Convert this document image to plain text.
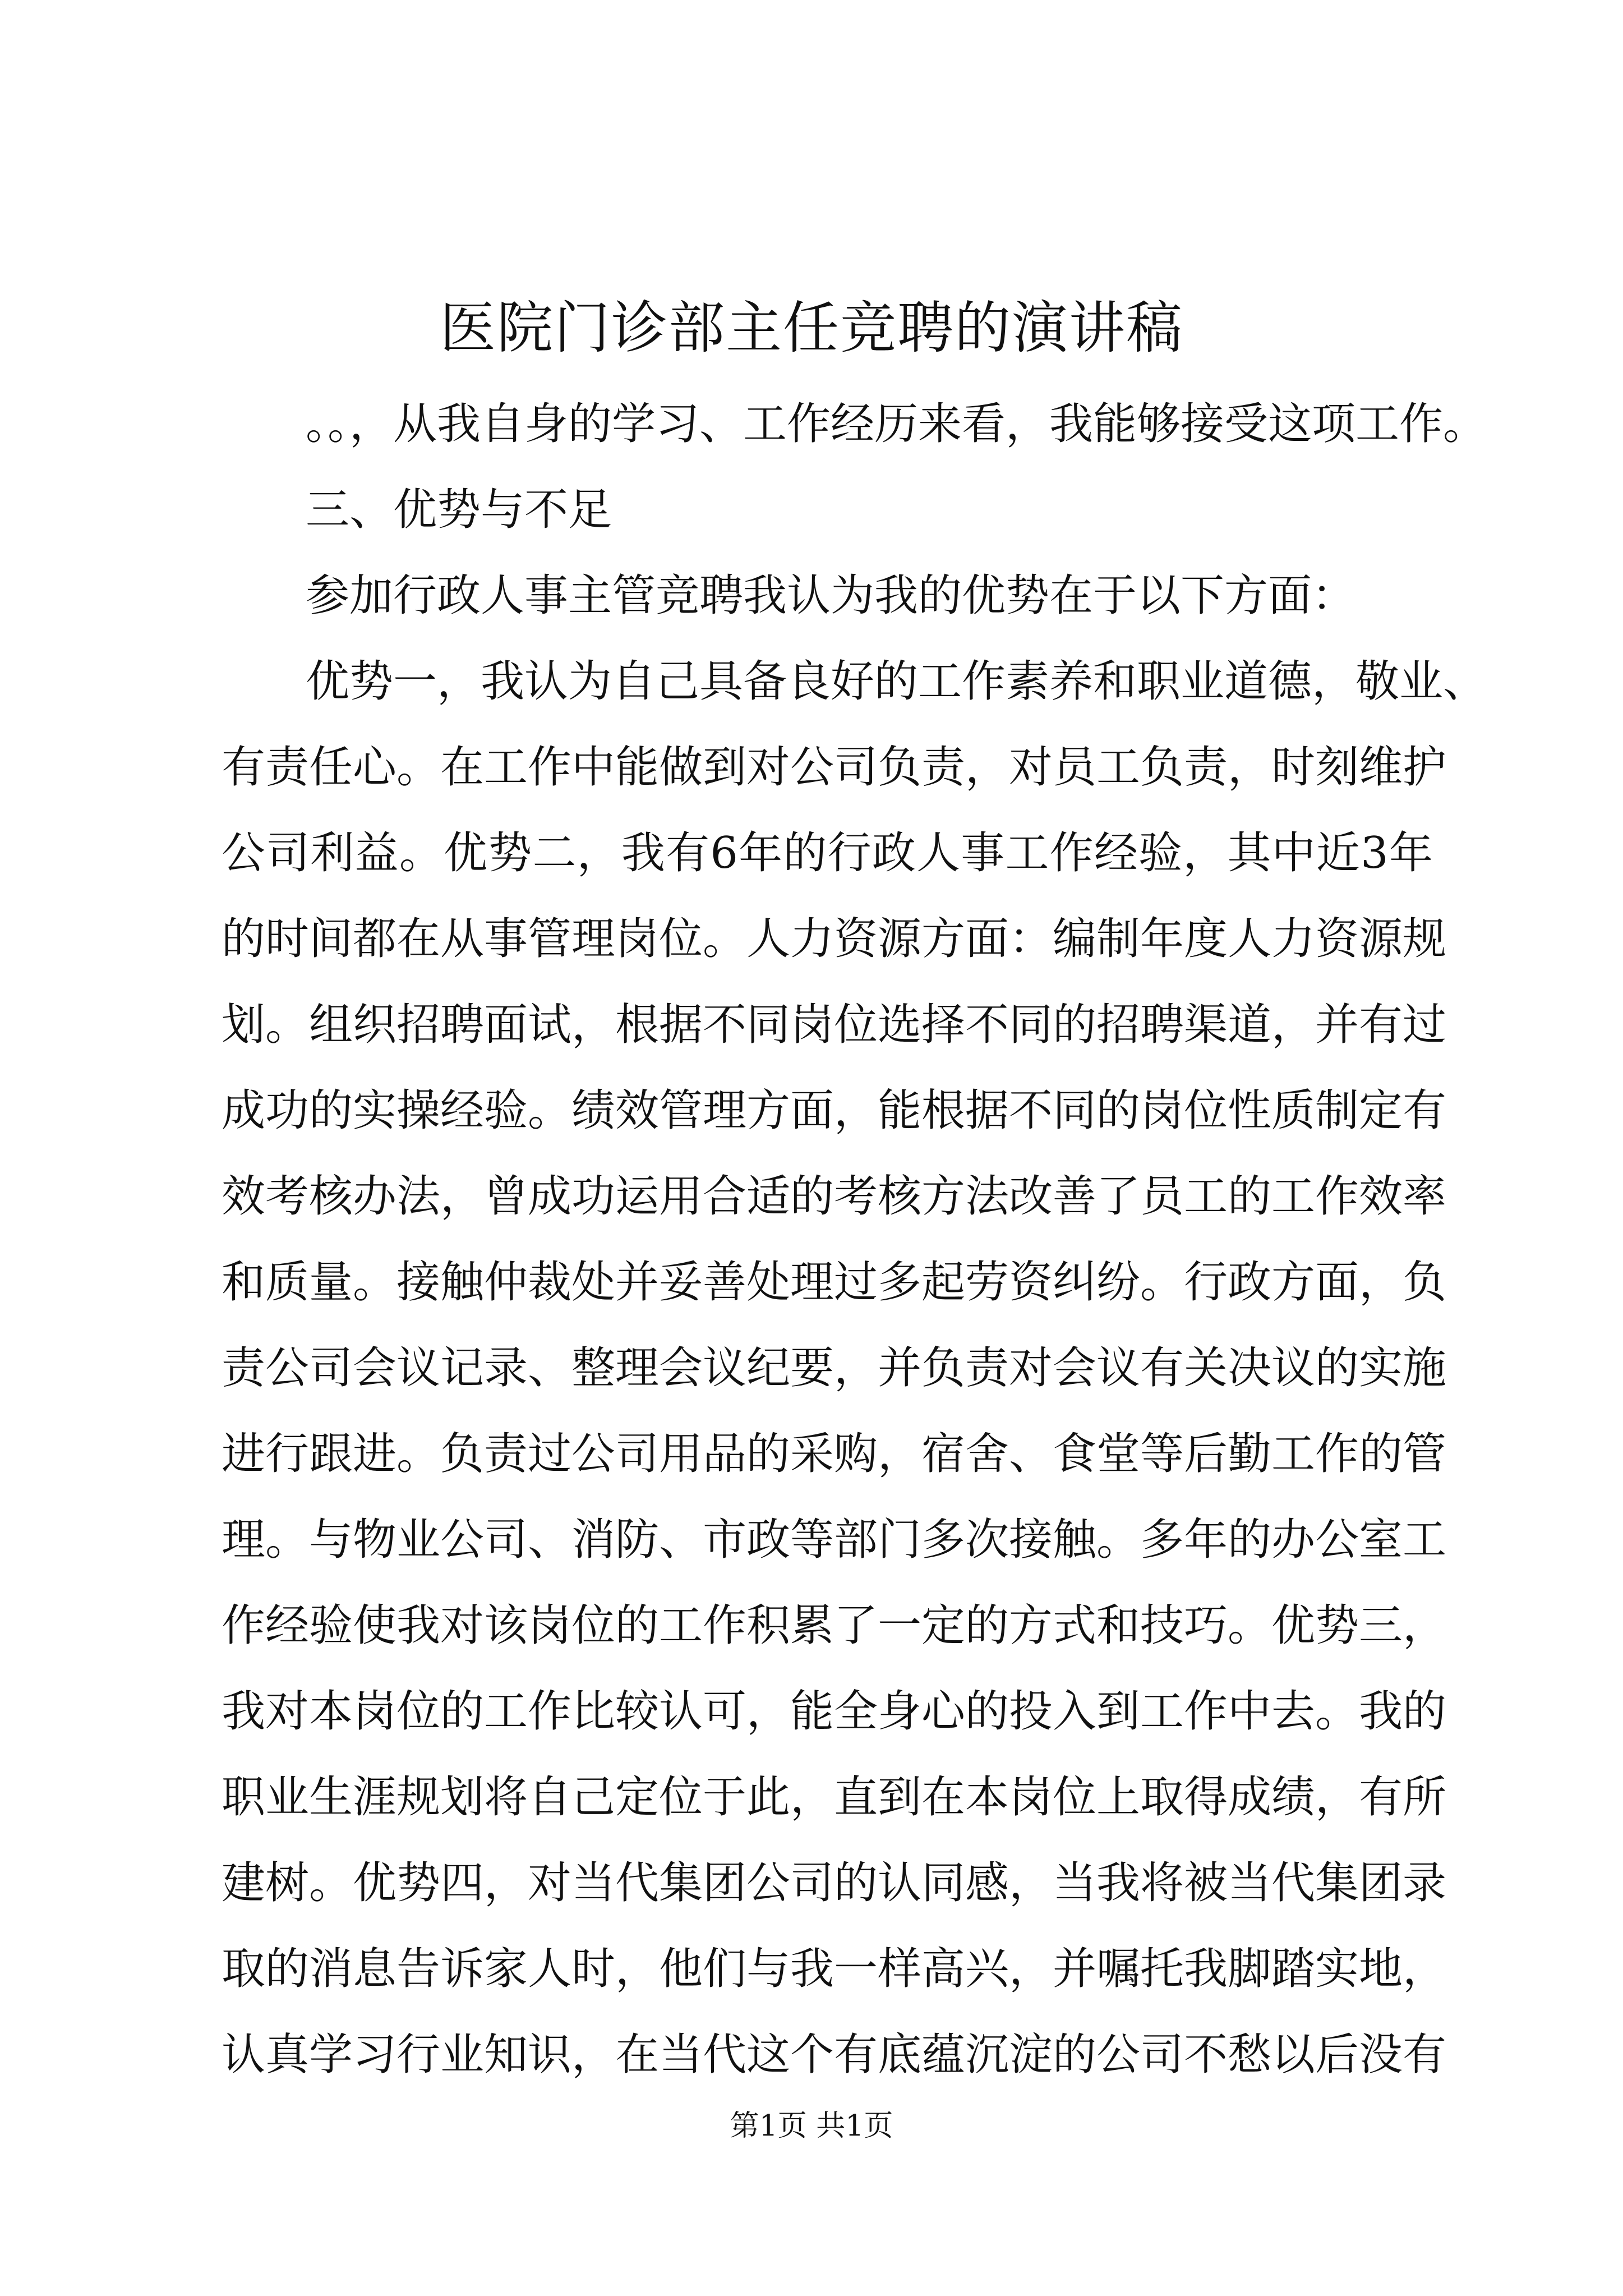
医院门诊部主任竞聘的演讲稿
。。，从我自身的学习、工作经历来看，我能够接受这项工作。
三、优势与不足
参加行政人事主管竞聘我认为我的优势在于以下方面：
优势一，我认为自己具备良好的工作素养和职业道德，敬业、
有责任心。在工作中能做到对公司负责，对员工负责，时刻维护
公司利益。优势二，我有6年的行政人事工作经验，其中近3年
的时间都在从事管理岗位。人力资源方面：编制年度人力资源规
划。组织招聘面试，根据不同岗位选择不同的招聘渠道，并有过
成功的实操经验。绩效管理方面，能根据不同的岗位性质制定有
效考核办法，曾成功运用合适的考核方法改善了员工的工作效率
和质量。接触仲裁处并妥善处理过多起劳资纠纷。行政方面，负
责公司会议记录、整理会议纪要，并负责对会议有关决议的实施
进行跟进。负责过公司用品的采购，宿舍、食堂等后勤工作的管
理。与物业公司、消防、市政等部门多次接触。多年的办公室工
作经验使我对该岗位的工作积累了一定的方式和技巧。优势三，
我对本岗位的工作比较认可，能全身心的投入到工作中去。我的
职业生涯规划将自己定位于此，直到在本岗位上取得成绩，有所
建树。优势四，对当代集团公司的认同感，当我将被当代集团录
取的消息告诉家人时，他们与我一样高兴，并嘱托我脚踏实地，
认真学习行业知识，在当代这个有底蕴沉淀的公司不愁以后没有
第1页 共1页
